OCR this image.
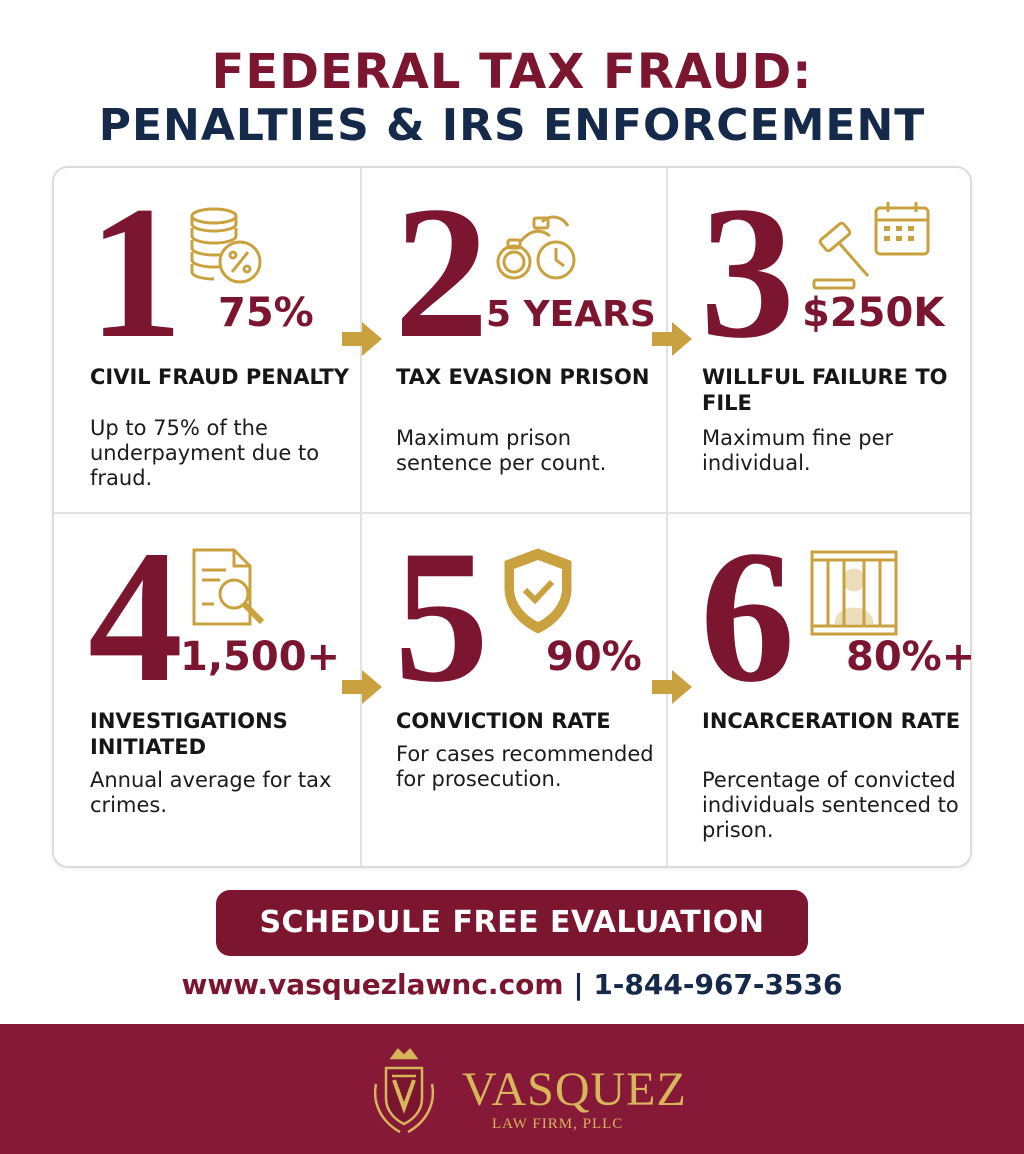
FEDERAL TAX FRAUD:
PENALTIES & IRS ENFORCEMENT
1 75%
CIVIL FRAUD PENALTY
Up to 75% of the underpayment due to fraud.
2
5 YEARS
TAX EVASION PRISON
Maximum prison sentence per count.
3 $250K
WILLFUL FAILURE TO FILE
Maximum fine per individual.
4
1,500+
INVESTIGATIONS INITIATED
Annual average for tax crimes.
5 90%
CONVICTION RATE
For cases recommended for prosecution.
6 80%+
INCARCERATION RATE
Percentage of convicted individuals sentenced to prison.
SCHEDULE FREE EVALUATION
www.vasquezlawnc.com | 1-844-967-3536
VASQUEZ
LAW FIRM, PLLC
